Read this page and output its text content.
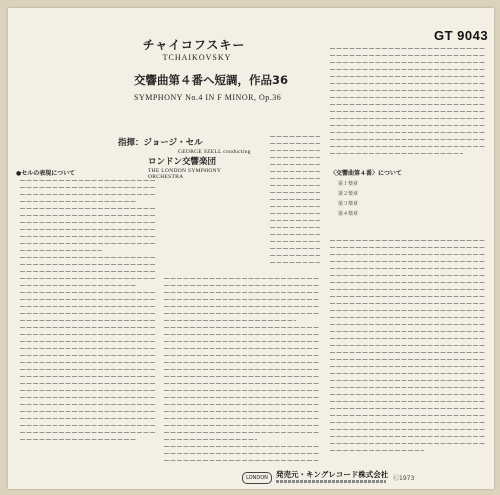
GT 9043
チャイコフスキー
TCHAIKOVSKY
交響曲第４番へ短調，作品36
SYMPHONY No.4 IN F MINOR, Op.36
指揮：ジョージ・セル
GEORGE SZELL conducting
ロンドン交響楽団
THE LONDON SYMPHONY ORCHESTRA
●セルの表現について	〈交響曲第４番〉について
第１楽章
第２楽章
第３楽章
第４楽章
LONDON	発売元・キングレコード株式会社 Ⓒ1973
